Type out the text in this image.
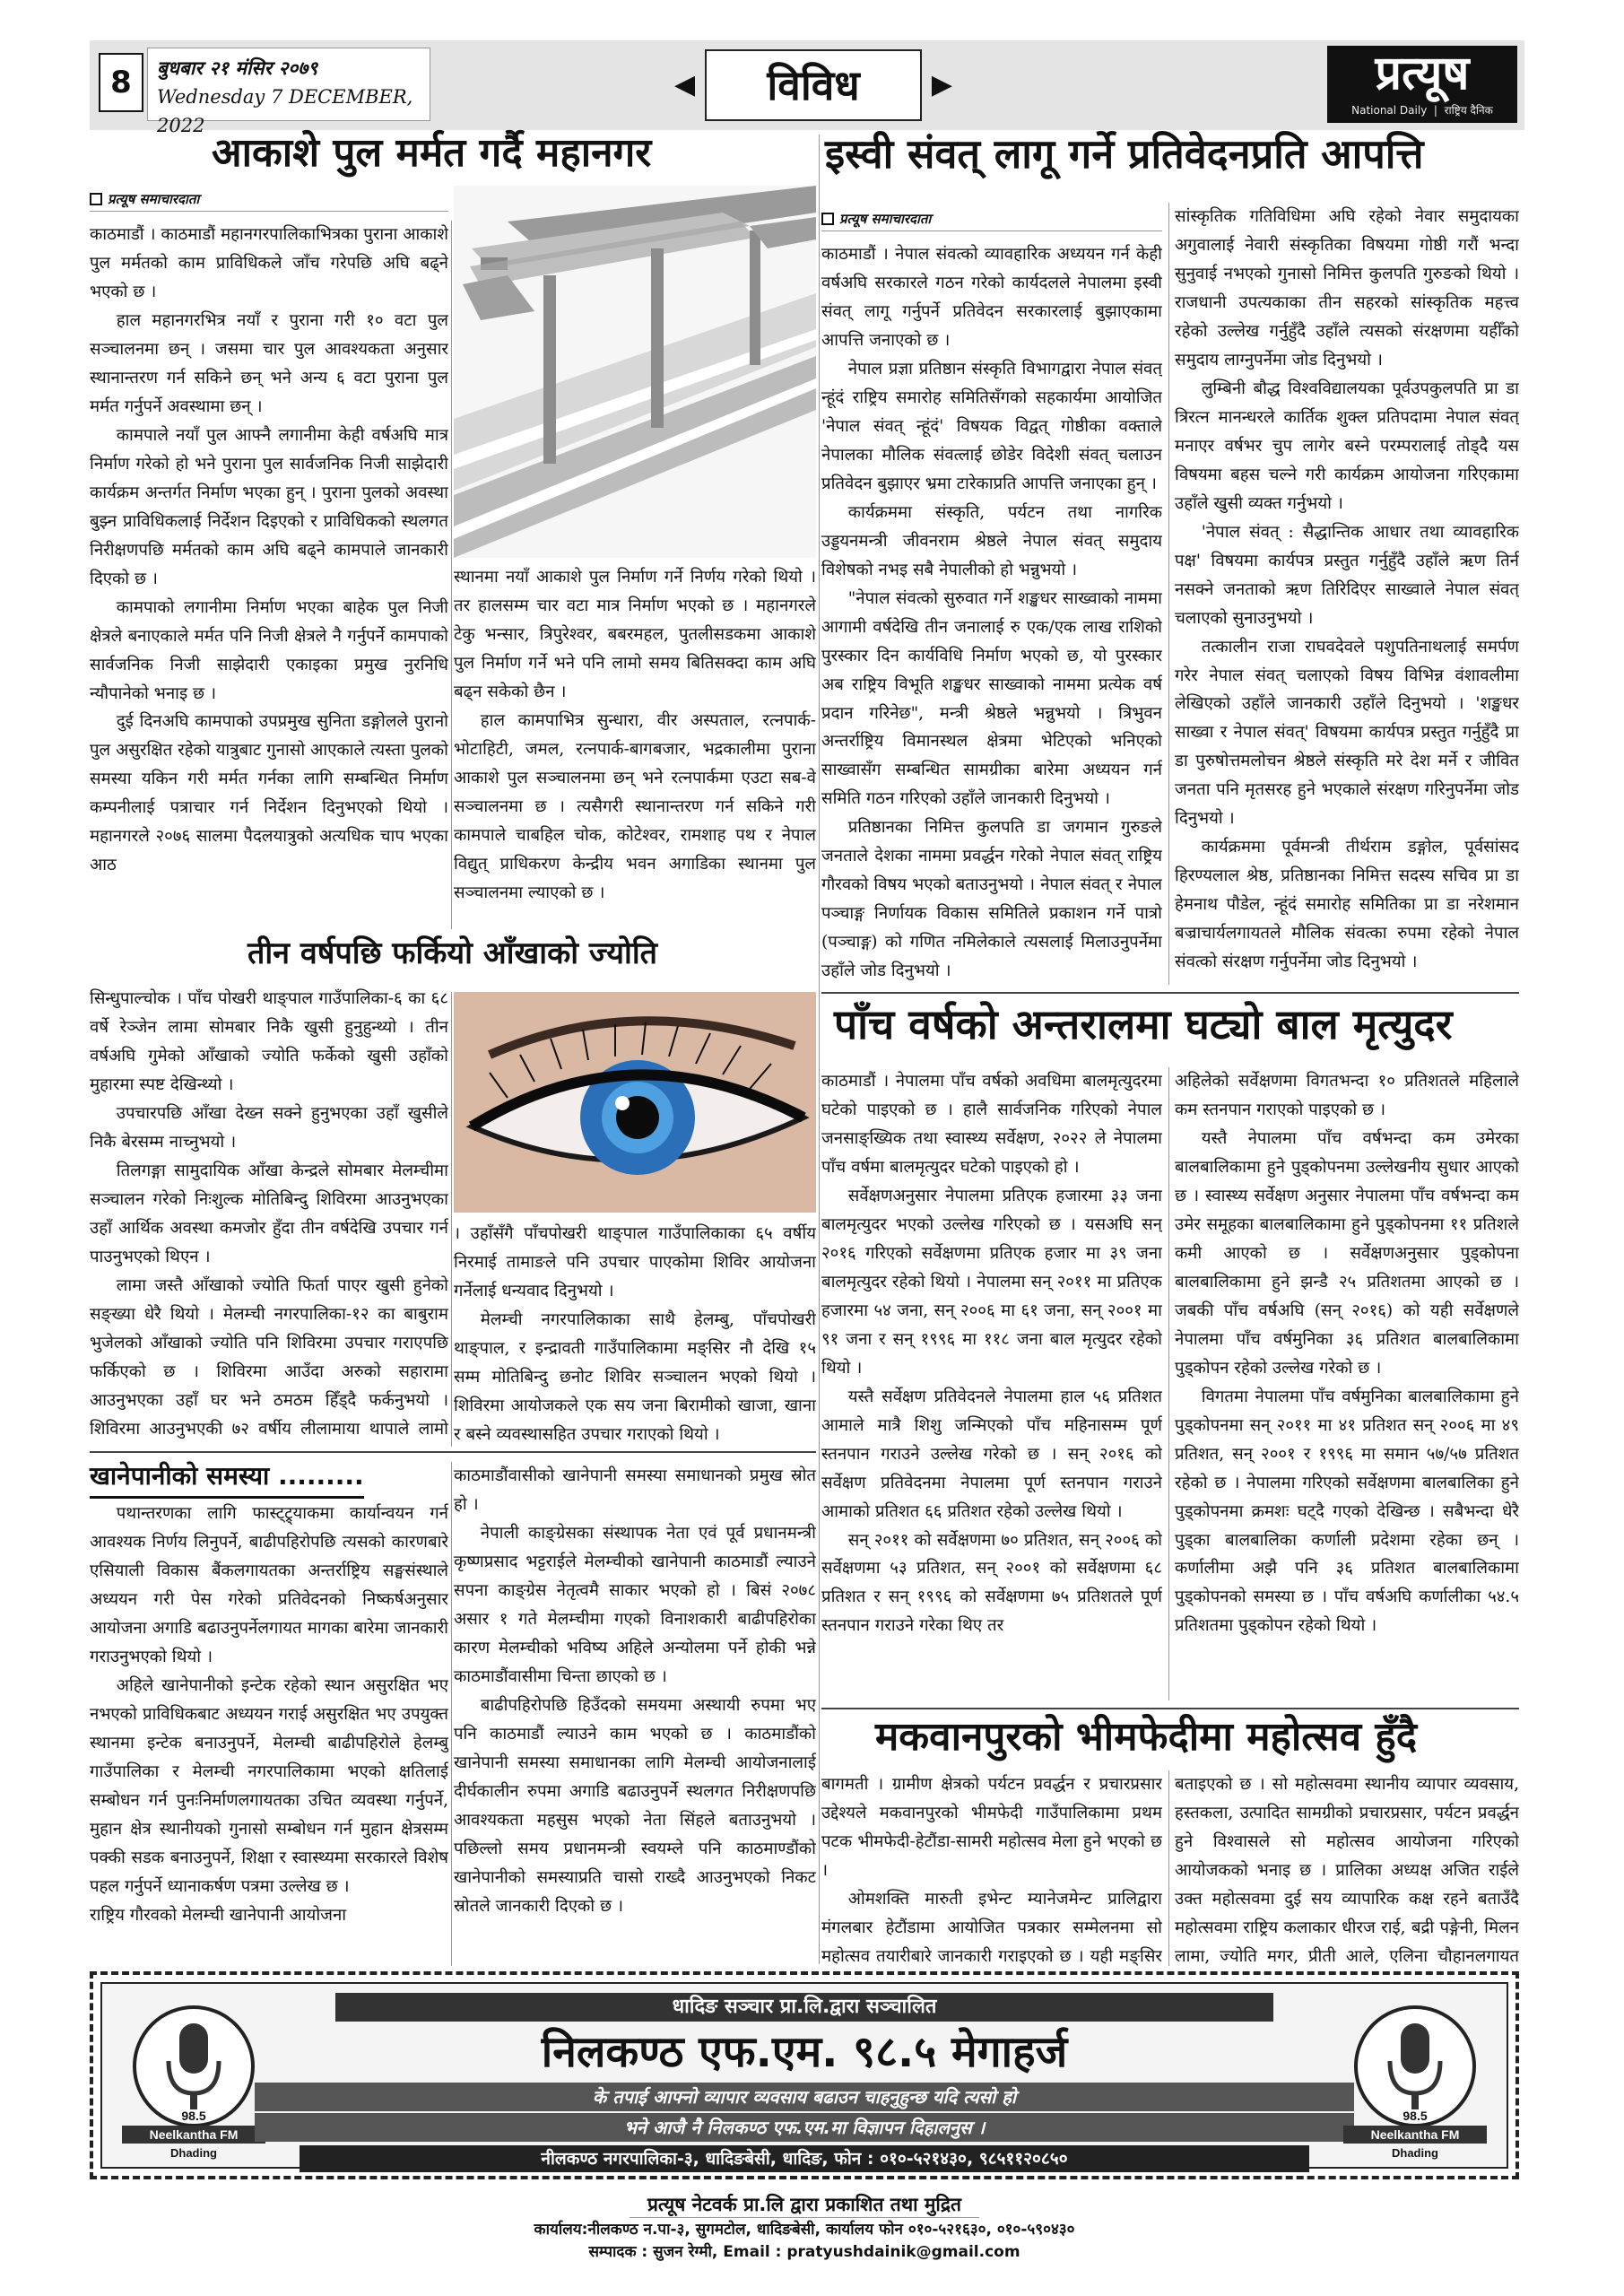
8	बुधबार २१ मंसिर २०७९
Wednesday 7 DECEMBER, 2022
◀	विविध	▶	प्रत्यूष
National Daily  |  राष्ट्रिय दैनिक
आकाशे पुल मर्मत गर्दै महानगर
प्रत्यूष समाचारदाता

काठमाडौं । काठमाडौं महानगरपालिकाभित्रका पुराना आकाशे पुल मर्मतको काम प्राविधिकले जाँच गरेपछि अघि बढ्ने भएको छ ।

हाल महानगरभित्र नयाँ र पुराना गरी १० वटा पुल सञ्चालनमा छन् । जसमा चार पुल आवश्यकता अनुसार स्थानान्तरण गर्न सकिने छन् भने अन्य ६ वटा पुराना पुल मर्मत गर्नुपर्ने अवस्थामा छन् ।

कामपाले नयाँ पुल आफ्नै लगानीमा केही वर्षअघि मात्र निर्माण गरेको हो भने पुराना पुल सार्वजनिक निजी साझेदारी कार्यक्रम अन्तर्गत निर्माण भएका हुन् । पुराना पुलको अवस्था बुझ्न प्राविधिकलाई निर्देशन दिइएको र प्राविधिकको स्थलगत निरीक्षणपछि मर्मतको काम अघि बढ्ने कामपाले जानकारी दिएको छ ।

कामपाको लगानीमा निर्माण भएका बाहेक पुल निजी क्षेत्रले बनाएकाले मर्मत पनि निजी क्षेत्रले नै गर्नुपर्ने कामपाको सार्वजनिक निजी साझेदारी एकाइका प्रमुख नुरनिधि न्यौपानेको भनाइ छ ।

दुई दिनअघि कामपाको उपप्रमुख सुनिता डङ्गोलले पुरानो पुल असुरक्षित रहेको यात्रुबाट गुनासो आएकाले त्यस्ता पुलको समस्या यकिन गरी मर्मत गर्नका लागि सम्बन्धित निर्माण कम्पनीलाई पत्राचार गर्न निर्देशन दिनुभएको थियो । महानगरले २०७६ सालमा पैदलयात्रुको अत्यधिक चाप भएका आठ

स्थानमा नयाँ आकाशे पुल निर्माण गर्ने निर्णय गरेको थियो । तर हालसम्म चार वटा मात्र निर्माण भएको छ । महानगरले टेकु भन्सार, त्रिपुरेश्वर, बबरमहल, पुतलीसडकमा आकाशे पुल निर्माण गर्ने भने पनि लामो समय बितिसक्दा काम अघि बढ्न सकेको छैन ।

हाल कामपाभित्र सुन्धारा, वीर अस्पताल, रत्नपार्क-भोटाहिटी, जमल, रत्नपार्क-बागबजार, भद्रकालीमा पुराना आकाशे पुल सञ्चालनमा छन् भने रत्नपार्कमा एउटा सब-वे सञ्चालनमा छ । त्यसैगरी स्थानान्तरण गर्न सकिने गरी कामपाले चाबहिल चोक, कोटेश्वर, रामशाह पथ र नेपाल विद्युत् प्राधिकरण केन्द्रीय भवन अगाडिका स्थानमा पुल सञ्चालनमा ल्याएको छ ।

तीन वर्षपछि फर्कियो आँखाको ज्योति

सिन्धुपाल्चोक । पाँच पोखरी थाङ्पाल गाउँपालिका-६ का ६८ वर्षे रेञ्जेन लामा सोमबार निकै खुसी हुनुहुन्थ्यो । तीन वर्षअघि गुमेको आँखाको ज्योति फर्केको खुसी उहाँको मुहारमा स्पष्ट देखिन्थ्यो ।

उपचारपछि आँखा देख्न सक्ने हुनुभएका उहाँ खुसीले निकै बेरसम्म नाच्नुभयो ।

तिलगङ्गा सामुदायिक आँखा केन्द्रले सोमबार मेलम्चीमा सञ्चालन गरेको निःशुल्क मोतिबिन्दु शिविरमा आउनुभएका उहाँ आर्थिक अवस्था कमजोर हुँदा तीन वर्षदेखि उपचार गर्न पाउनुभएको थिएन ।

लामा जस्तै आँखाको ज्योति फिर्ता पाएर खुसी हुनेको सङ्ख्या धेरै थियो । मेलम्ची नगरपालिका-१२ का बाबुराम भुजेलको आँखाको ज्योति पनि शिविरमा उपचार गराएपछि फर्किएको छ । शिविरमा आउँदा अरुको सहारामा आउनुभएका उहाँ घर भने ठमठम हिँड्दै फर्कनुभयो । शिविरमा आउनुभएकी ७२ वर्षीय लीलामाया थापाले लामो

। उहाँसँगै पाँचपोखरी थाङ्पाल गाउँपालिकाका ६५ वर्षीय निरमाई तामाङले पनि उपचार पाएकोमा शिविर आयोजना गर्नेलाई धन्यवाद दिनुभयो ।

मेलम्ची नगरपालिकाका साथै हेलम्बु, पाँचपोखरी थाङ्पाल, र इन्द्रावती गाउँपालिकामा मङ्सिर नौ देखि १५ सम्म मोतिबिन्दु छनोट शिविर सञ्चालन भएको थियो । शिविरमा आयोजकले एक सय जना बिरामीको खाजा, खाना र बस्ने व्यवस्थासहित उपचार गराएको थियो ।

खानेपानीको समस्या .........

पथान्तरणका लागि फास्ट्ट्र्याकमा कार्यान्वयन गर्न आवश्यक निर्णय लिनुपर्ने, बाढीपहिरोपछि त्यसको कारणबारे एसियाली विकास बैंकलगायतका अन्तर्राष्ट्रिय सङ्घसंस्थाले अध्ययन गरी पेस गरेको प्रतिवेदनको निष्कर्षअनुसार आयोजना अगाडि बढाउनुपर्नेलगायत मागका बारेमा जानकारी गराउनुभएको थियो ।

अहिले खानेपानीको इन्टेक रहेको स्थान असुरक्षित भए नभएको प्राविधिकबाट अध्ययन गराई असुरक्षित भए उपयुक्त स्थानमा इन्टेक बनाउनुपर्ने, मेलम्ची बाढीपहिरोले हेलम्बु गाउँपालिका र मेलम्ची नगरपालिकामा भएको क्षतिलाई सम्बोधन गर्न पुनःनिर्माणलगायतका उचित व्यवस्था गर्नुपर्ने, मुहान क्षेत्र स्थानीयको गुनासो सम्बोधन गर्न मुहान क्षेत्रसम्म पक्की सडक बनाउनुपर्ने, शिक्षा र स्वास्थ्यमा सरकारले विशेष पहल गर्नुपर्ने ध्यानाकर्षण पत्रमा उल्लेख छ ।

राष्ट्रिय गौरवको मेलम्ची खानेपानी आयोजना

काठमाडौंवासीको खानेपानी समस्या समाधानको प्रमुख स्रोत हो ।

नेपाली काङ्ग्रेसका संस्थापक नेता एवं पूर्व प्रधानमन्त्री कृष्णप्रसाद भट्टराईले मेलम्चीको खानेपानी काठमाडौं ल्याउने सपना काङ्ग्रेस नेतृत्वमै साकार भएको हो । बिसं २०७८ असार १ गते मेलम्चीमा गएको विनाशकारी बाढीपहिरोका कारण मेलम्चीको भविष्य अहिले अन्योलमा पर्ने होकी भन्ने काठमाडौंवासीमा चिन्ता छाएको छ ।

बाढीपहिरोपछि हिउँदको समयमा अस्थायी रुपमा भए पनि काठमाडौं ल्याउने काम भएको छ । काठमाडौंको खानेपानी समस्या समाधानका लागि मेलम्ची आयोजनालाई दीर्घकालीन रुपमा अगाडि बढाउनुपर्ने स्थलगत निरीक्षणपछि आवश्यकता महसुस भएको नेता सिंहले बताउनुभयो । पछिल्लो समय प्रधानमन्त्री स्वयम्ले पनि काठमाण्डौंको खानेपानीको समस्याप्रति चासो राख्दै आउनुभएको निकट स्रोतले जानकारी दिएको छ ।

इस्वी संवत् लागू गर्ने प्रतिवेदनप्रति आपत्ति
प्रत्यूष समाचारदाता

काठमाडौं । नेपाल संवत्को व्यावहारिक अध्ययन गर्न केही वर्षअघि सरकारले गठन गरेको कार्यदलले नेपालमा इस्वी संवत् लागू गर्नुपर्ने प्रतिवेदन सरकारलाई बुझाएकामा आपत्ति जनाएको छ ।

नेपाल प्रज्ञा प्रतिष्ठान संस्कृति विभागद्वारा नेपाल संवत् न्हूंदं राष्ट्रिय समारोह समितिसँगको सहकार्यमा आयोजित 'नेपाल संवत् न्हूंदं' विषयक विद्वत् गोष्ठीका वक्ताले नेपालका मौलिक संवत्लाई छोडेर विदेशी संवत् चलाउन प्रतिवेदन बुझाएर भ्रमा टारेकाप्रति आपत्ति जनाएका हुन् ।

कार्यक्रममा संस्कृति, पर्यटन तथा नागरिक उड्डयनमन्त्री जीवनराम श्रेष्ठले नेपाल संवत् समुदाय विशेषको नभइ सबै नेपालीको हो भन्नुभयो ।

"नेपाल संवत्को सुरुवात गर्ने शङ्खधर साख्वाको नाममा आगामी वर्षदेखि तीन जनालाई रु एक/एक लाख राशिको पुरस्कार दिन कार्यविधि निर्माण भएको छ, यो पुरस्कार अब राष्ट्रिय विभूति शङ्खधर साख्वाको नाममा प्रत्येक वर्ष प्रदान गरिनेछ", मन्त्री श्रेष्ठले भन्नुभयो । त्रिभुवन अन्तर्राष्ट्रिय विमानस्थल क्षेत्रमा भेटिएको भनिएको साख्वासँग सम्बन्धित सामग्रीका बारेमा अध्ययन गर्न समिति गठन गरिएको उहाँले जानकारी दिनुभयो ।

प्रतिष्ठानका निमित्त कुलपति डा जगमान गुरुङले जनताले देशका नाममा प्रवर्द्धन गरेको नेपाल संवत् राष्ट्रिय गौरवको विषय भएको बताउनुभयो । नेपाल संवत् र नेपाल पञ्चाङ्ग निर्णायक विकास समितिले प्रकाशन गर्ने पात्रो (पञ्चाङ्ग) को गणित नमिलेकाले त्यसलाई मिलाउनुपर्नेमा उहाँले जोड दिनुभयो ।

सांस्कृतिक गतिविधिमा अघि रहेको नेवार समुदायका अगुवालाई नेवारी संस्कृतिका विषयमा गोष्ठी गरौं भन्दा सुनुवाई नभएको गुनासो निमित्त कुलपति गुरुङको थियो । राजधानी उपत्यकाका तीन सहरको सांस्कृतिक महत्त्व रहेको उल्लेख गर्नुहुँदै उहाँले त्यसको संरक्षणमा यहीँको समुदाय लाग्नुपर्नेमा जोड दिनुभयो ।

लुम्बिनी बौद्ध विश्वविद्यालयका पूर्वउपकुलपति प्रा डा त्रिरत्न मानन्धरले कार्तिक शुक्ल प्रतिपदामा नेपाल संवत् मनाएर वर्षभर चुप लागेर बस्ने परम्परालाई तोड्दै यस विषयमा बहस चल्ने गरी कार्यक्रम आयोजना गरिएकामा उहाँले खुसी व्यक्त गर्नुभयो ।

'नेपाल संवत् : सैद्धान्तिक आधार तथा व्यावहारिक पक्ष' विषयमा कार्यपत्र प्रस्तुत गर्नुहुँदै उहाँले ऋण तिर्न नसक्ने जनताको ऋण तिरिदिएर साख्वाले नेपाल संवत् चलाएको सुनाउनुभयो ।

तत्कालीन राजा राघवदेवले पशुपतिनाथलाई समर्पण गरेर नेपाल संवत् चलाएको विषय विभिन्न वंशावलीमा लेखिएको उहाँले जानकारी उहाँले दिनुभयो । 'शङ्खधर साख्वा र नेपाल संवत्' विषयमा कार्यपत्र प्रस्तुत गर्नुहुँदै प्रा डा पुरुषोत्तमलोचन श्रेष्ठले संस्कृति मरे देश मर्ने र जीवित जनता पनि मृतसरह हुने भएकाले संरक्षण गरिनुपर्नेमा जोड दिनुभयो ।

कार्यक्रममा पूर्वमन्त्री तीर्थराम डङ्गोल, पूर्वसांसद हिरण्यलाल श्रेष्ठ, प्रतिष्ठानका निमित्त सदस्य सचिव प्रा डा हेमनाथ पौडेल, न्हूंदं समारोह समितिका प्रा डा नरेशमान बज्राचार्यलगायतले मौलिक संवत्का रुपमा रहेको नेपाल संवत्को संरक्षण गर्नुपर्नेमा जोड दिनुभयो ।

पाँच वर्षको अन्तरालमा घट्यो बाल मृत्युदर

काठमाडौं । नेपालमा पाँच वर्षको अवधिमा बालमृत्युदरमा घटेको पाइएको छ । हालै सार्वजनिक गरिएको नेपाल जनसाङ्ख्यिक तथा स्वास्थ्य सर्वेक्षण, २०२२ ले नेपालमा पाँच वर्षमा बालमृत्युदर घटेको पाइएको हो ।

सर्वेक्षणअनुसार नेपालमा प्रतिएक हजारमा ३३ जना बालमृत्युदर भएको उल्लेख गरिएको छ । यसअघि सन् २०१६ गरिएको सर्वेक्षणमा प्रतिएक हजार मा ३९ जना बालमृत्युदर रहेको थियो । नेपालमा सन् २०११ मा प्रतिएक हजारमा ५४ जना, सन् २००६ मा ६१ जना, सन् २००१ मा ९१ जना र सन् १९९६ मा ११८ जना बाल मृत्युदर रहेको थियो ।

यस्तै सर्वेक्षण प्रतिवेदनले नेपालमा हाल ५६ प्रतिशत आमाले मात्रै शिशु जन्मिएको पाँच महिनासम्म पूर्ण स्तनपान गराउने उल्लेख गरेको छ । सन् २०१६ को सर्वेक्षण प्रतिवेदनमा नेपालमा पूर्ण स्तनपान गराउने आमाको प्रतिशत ६६ प्रतिशत रहेको उल्लेख थियो ।

सन् २०११ को सर्वेक्षणमा ७० प्रतिशत, सन् २००६ को सर्वेक्षणमा ५३ प्रतिशत, सन् २००१ को सर्वेक्षणमा ६८ प्रतिशत र सन् १९९६ को सर्वेक्षणमा ७५ प्रतिशतले पूर्ण स्तनपान गराउने गरेका थिए तर

अहिलेको सर्वेक्षणमा विगतभन्दा १० प्रतिशतले महिलाले कम स्तनपान गराएको पाइएको छ ।

यस्तै नेपालमा पाँच वर्षभन्दा कम उमेरका बालबालिकामा हुने पुड्कोपनमा उल्लेखनीय सुधार आएको छ । स्वास्थ्य सर्वेक्षण अनुसार नेपालमा पाँच वर्षभन्दा कम उमेर समूहका बालबालिकामा हुने पुड्कोपनमा ११ प्रतिशले कमी आएको छ । सर्वेक्षणअनुसार पुड्कोपना बालबालिकामा हुने झन्डै २५ प्रतिशतमा आएको छ । जबकी पाँच वर्षअघि (सन् २०१६) को यही सर्वेक्षणले नेपालमा पाँच वर्षमुनिका ३६ प्रतिशत बालबालिकामा पुड्कोपन रहेको उल्लेख गरेको छ ।

विगतमा नेपालमा पाँच वर्षमुनिका बालबालिकामा हुने पुड्कोपनमा सन् २०११ मा ४१ प्रतिशत सन् २००६ मा ४९ प्रतिशत, सन् २००१ र १९९६ मा समान ५७/५७ प्रतिशत रहेको छ । नेपालमा गरिएको सर्वेक्षणमा बालबालिका हुने पुड्कोपनमा क्रमशः घट्दै गएको देखिन्छ । सबैभन्दा धेरै पुड्का बालबालिका कर्णाली प्रदेशमा रहेका छन् । कर्णालीमा अझै पनि ३६ प्रतिशत बालबालिकामा पुड्कोपनको समस्या छ । पाँच वर्षअघि कर्णालीका ५४.५ प्रतिशतमा पुड्कोपन रहेको थियो ।

मकवानपुरको भीमफेदीमा महोत्सव हुँदै

बागमती । ग्रामीण क्षेत्रको पर्यटन प्रवर्द्धन र प्रचारप्रसार उद्देश्यले मकवानपुरको भीमफेदी गाउँपालिकामा प्रथम पटक भीमफेदी-हेटौंडा-सामरी महोत्सव मेला हुने भएको छ ।

ओमशक्ति मारुती इभेन्ट म्यानेजमेन्ट प्रालिद्वारा मंगलबार हेटौंडामा आयोजित पत्रकार सम्मेलनमा सो महोत्सव तयारीबारे जानकारी गराइएको छ । यही मङ्सिर

बताइएको छ । सो महोत्सवमा स्थानीय व्यापार व्यवसाय, हस्तकला, उत्पादित सामग्रीको प्रचारप्रसार, पर्यटन प्रवर्द्धन हुने विश्वासले सो महोत्सव आयोजना गरिएको आयोजकको भनाइ छ । प्रालिका अध्यक्ष अजित राईले उक्त महोत्सवमा दुई सय व्यापारिक कक्ष रहने बताउँदै महोत्सवमा राष्ट्रिय कलाकार धीरज राई, बद्री पङ्गेनी, मिलन लामा, ज्योति मगर, प्रीती आले, एलिना चौहानलगायत

98.5
Neelkantha FM
Dhading
धादिङ सञ्चार प्रा.लि.द्वारा सञ्चालित
निलकण्ठ एफ.एम. ९८.५ मेगाहर्ज
के तपाई आफ्नो व्यापार व्यवसाय बढाउन चाहनुहुन्छ यदि त्यसो हो
भने आजै नै निलकण्ठ एफ.एम.मा विज्ञापन दिहालनुस ।
नीलकण्ठ नगरपालिका-३, धादिङबेसी, धादिङ, फोन : ०१०-५२१४३०, ९८५११२०८५०
98.5
Neelkantha FM
Dhading
प्रत्यूष नेटवर्क प्रा.लि द्वारा प्रकाशित तथा मुद्रित
कार्यालय:नीलकण्ठ न.पा-३, सुगमटोल, धादिङबेसी, कार्यालय फोन ०१०-५२१६३०, ०१०-५९०४३०
सम्पादक : सुजन रेग्मी, Email : pratyushdainik@gmail.com
